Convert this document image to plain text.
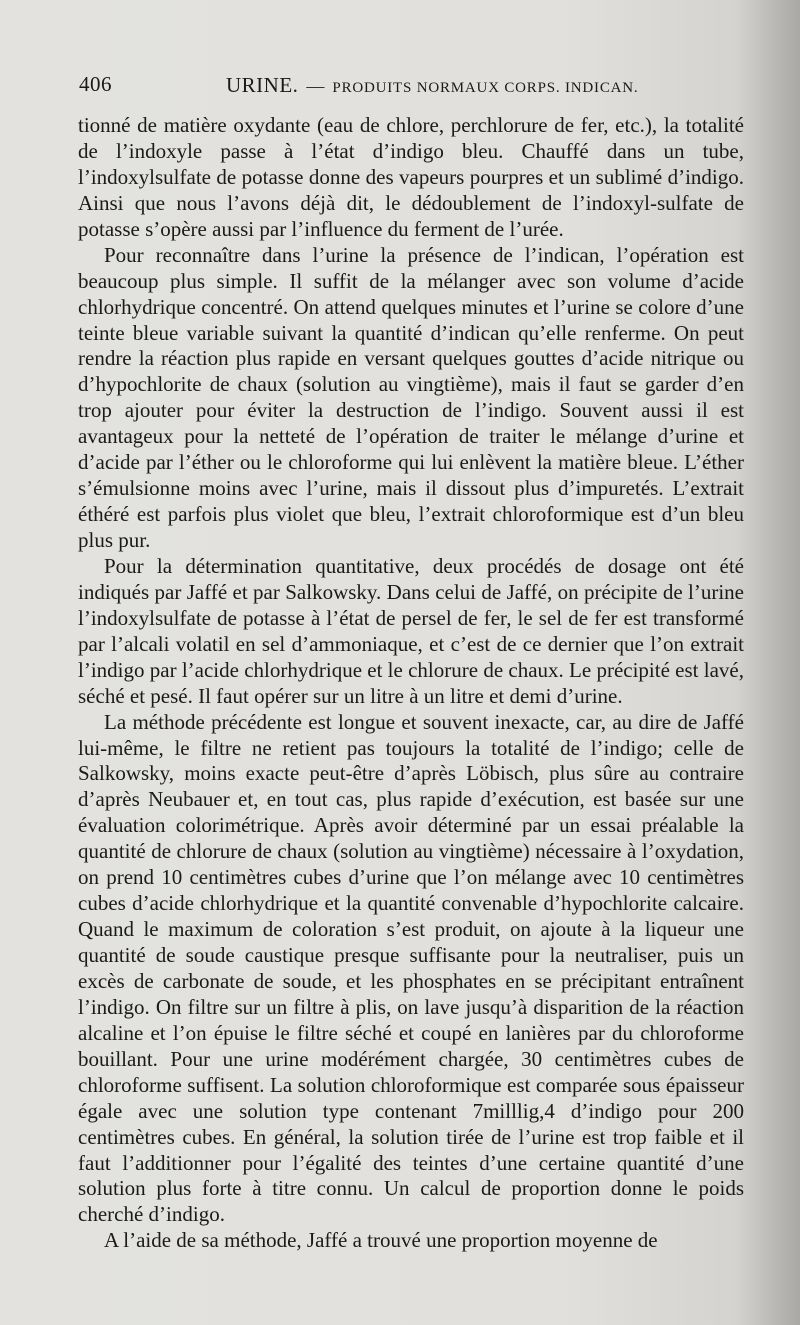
406	URINE. — PRODUITS NORMAUX CORPS. INDICAN.

tionné de matière oxydante (eau de chlore, perchlorure de fer, etc.), la totalité de l’indoxyle passe à l’état d’indigo bleu. Chauffé dans un tube, l’indoxylsulfate de potasse donne des vapeurs pourpres et un sublimé d’indigo. Ainsi que nous l’avons déjà dit, le dédoublement de l’indoxyl-sulfate de potasse s’opère aussi par l’influence du ferment de l’urée.

Pour reconnaître dans l’urine la présence de l’indican, l’opération est beaucoup plus simple. Il suffit de la mélanger avec son volume d’acide chlorhydrique concentré. On attend quelques minutes et l’urine se colore d’une teinte bleue variable suivant la quantité d’indican qu’elle renferme. On peut rendre la réaction plus rapide en versant quelques gouttes d’acide nitrique ou d’hypochlorite de chaux (solution au vingtième), mais il faut se garder d’en trop ajouter pour éviter la destruction de l’indigo. Souvent aussi il est avantageux pour la netteté de l’opération de traiter le mélange d’urine et d’acide par l’éther ou le chloroforme qui lui enlèvent la matière bleue. L’éther s’émulsionne moins avec l’urine, mais il dissout plus d’impuretés. L’extrait éthéré est parfois plus violet que bleu, l’extrait chloroformique est d’un bleu plus pur.

Pour la détermination quantitative, deux procédés de dosage ont été indiqués par Jaffé et par Salkowsky. Dans celui de Jaffé, on précipite de l’urine l’indoxylsulfate de potasse à l’état de persel de fer, le sel de fer est transformé par l’alcali volatil en sel d’ammoniaque, et c’est de ce dernier que l’on extrait l’indigo par l’acide chlorhydrique et le chlorure de chaux. Le précipité est lavé, séché et pesé. Il faut opérer sur un litre à un litre et demi d’urine.

La méthode précédente est longue et souvent inexacte, car, au dire de Jaffé lui-même, le filtre ne retient pas toujours la totalité de l’indigo; celle de Salkowsky, moins exacte peut-être d’après Löbisch, plus sûre au contraire d’après Neubauer et, en tout cas, plus rapide d’exécution, est basée sur une évaluation colorimétrique. Après avoir déterminé par un essai préalable la quantité de chlorure de chaux (solution au vingtième) nécessaire à l’oxydation, on prend 10 centimètres cubes d’urine que l’on mélange avec 10 centimètres cubes d’acide chlorhydrique et la quantité convenable d’hypochlorite calcaire. Quand le maximum de coloration s’est produit, on ajoute à la liqueur une quantité de soude caustique presque suffisante pour la neutraliser, puis un excès de carbonate de soude, et les phosphates en se précipitant entraînent l’indigo. On filtre sur un filtre à plis, on lave jusqu’à disparition de la réaction alcaline et l’on épuise le filtre séché et coupé en lanières par du chloroforme bouillant. Pour une urine modérément chargée, 30 centimètres cubes de chloroforme suffisent. La solution chloroformique est comparée sous épaisseur égale avec une solution type contenant 7milllig,4 d’indigo pour 200 centimètres cubes. En général, la solution tirée de l’urine est trop faible et il faut l’additionner pour l’égalité des teintes d’une certaine quantité d’une solution plus forte à titre connu. Un calcul de proportion donne le poids cherché d’indigo.

A l’aide de sa méthode, Jaffé a trouvé une proportion moyenne de
